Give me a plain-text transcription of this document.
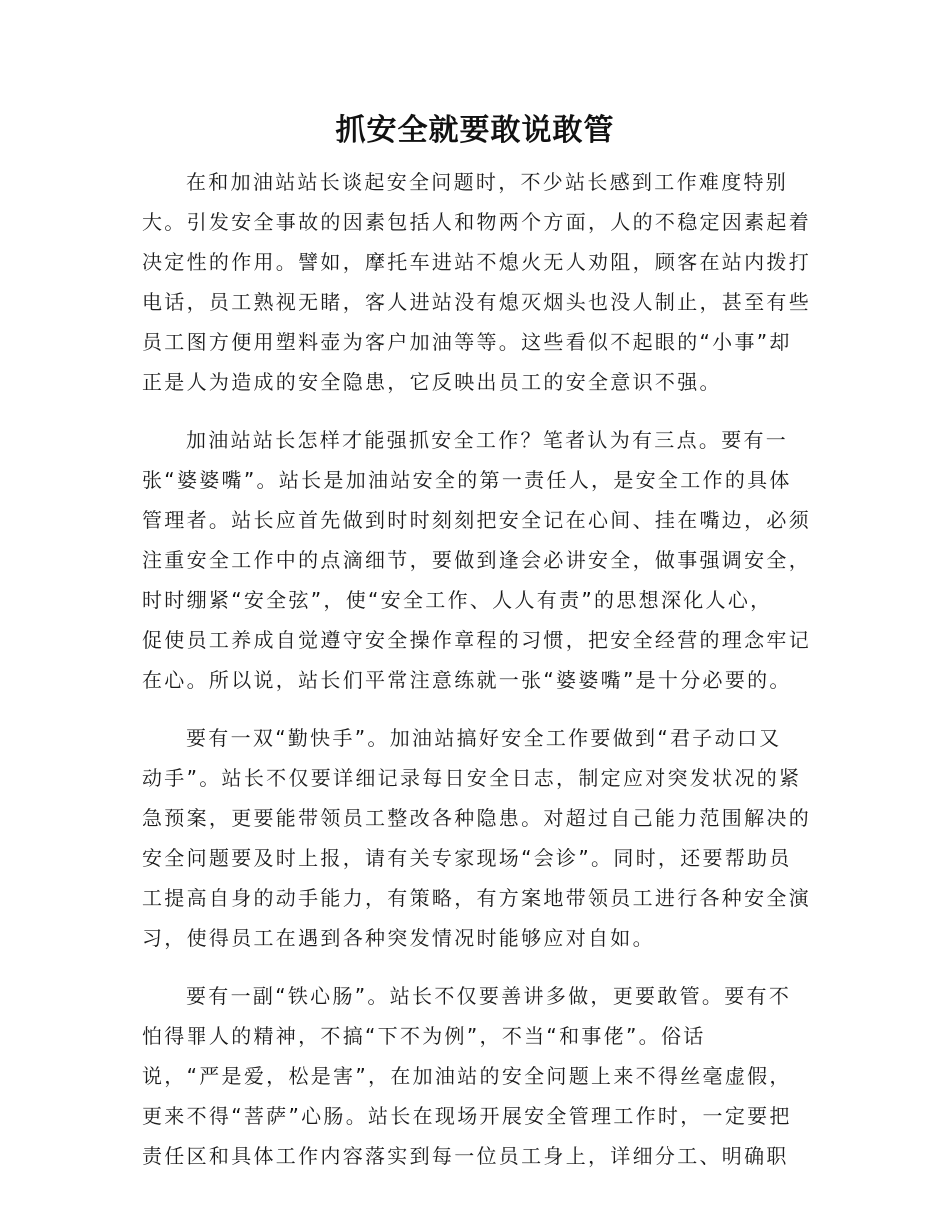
抓安全就要敢说敢管
在和加油站站长谈起安全问题时，不少站长感到工作难度特别
大。引发安全事故的因素包括人和物两个方面，人的不稳定因素起着
决定性的作用。譬如，摩托车进站不熄火无人劝阻，顾客在站内拨打
电话，员工熟视无睹，客人进站没有熄灭烟头也没人制止，甚至有些
员工图方便用塑料壶为客户加油等等。这些看似不起眼的“小事”却
正是人为造成的安全隐患，它反映出员工的安全意识不强。
加油站站长怎样才能强抓安全工作？笔者认为有三点。要有一
张“婆婆嘴”。站长是加油站安全的第一责任人，是安全工作的具体
管理者。站长应首先做到时时刻刻把安全记在心间、挂在嘴边，必须
注重安全工作中的点滴细节，要做到逢会必讲安全，做事强调安全，
时时绷紧“安全弦”，使“安全工作、人人有责”的思想深化人心，
促使员工养成自觉遵守安全操作章程的习惯，把安全经营的理念牢记
在心。所以说，站长们平常注意练就一张“婆婆嘴”是十分必要的。
要有一双“勤快手”。加油站搞好安全工作要做到“君子动口又
动手”。站长不仅要详细记录每日安全日志，制定应对突发状况的紧
急预案，更要能带领员工整改各种隐患。对超过自己能力范围解决的
安全问题要及时上报，请有关专家现场“会诊”。同时，还要帮助员
工提高自身的动手能力，有策略，有方案地带领员工进行各种安全演
习，使得员工在遇到各种突发情况时能够应对自如。
要有一副“铁心肠”。站长不仅要善讲多做，更要敢管。要有不
怕得罪人的精神，不搞“下不为例”，不当“和事佬”。俗话
说，“严是爱，松是害”，在加油站的安全问题上来不得丝毫虚假，
更来不得“菩萨”心肠。站长在现场开展安全管理工作时，一定要把
责任区和具体工作内容落实到每一位员工身上，详细分工、明确职
